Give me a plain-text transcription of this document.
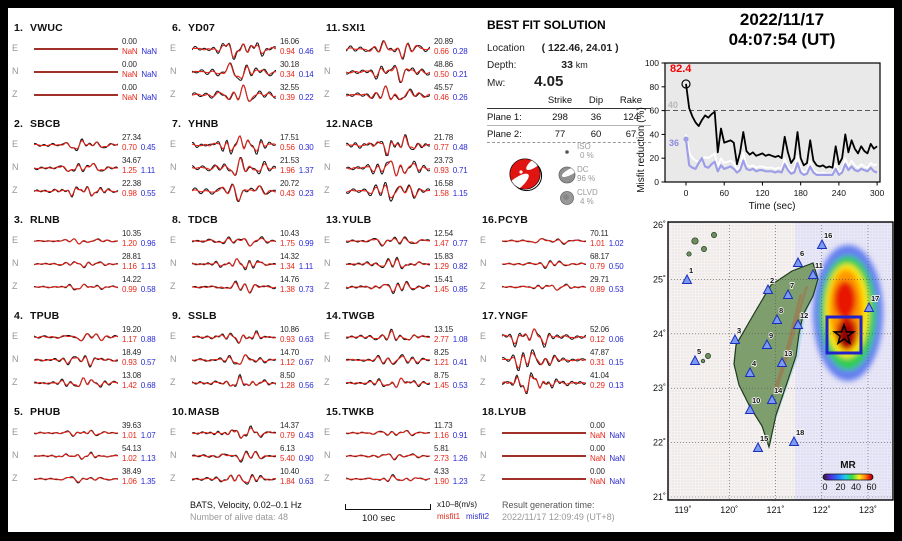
1. VWUC
E
0.00
NaN NaN
N
0.00
NaN NaN
Z
0.00
NaN NaN
2. SBCB
E
27.34
0.70 0.45
N
34.67
1.25 1.11
Z
22.38
0.98 0.55
3. RLNB
E
10.35
1.20 0.96
N
28.81
1.16 1.13
Z
14.22
0.99 0.58
4. TPUB
E
19.20
1.17 0.88
N
18.49
0.93 0.57
Z
13.08
1.42 0.68
5. PHUB
E
39.63
1.01 1.07
N
54.13
1.02 1.13
Z
38.49
1.06 1.35
6. YD07
E
16.06
0.94 0.46
N
30.18
0.34 0.14
Z
32.55
0.39 0.22
7. YHNB
E
17.51
0.56 0.30
N
21.53
1.96 1.37
Z
20.72
0.43 0.23
8. TDCB
E
10.43
1.75 0.99
N
14.32
1.34 1.11
Z
14.76
1.38 0.73
9. SSLB
E
10.86
0.93 0.63
N
14.70
1.12 0.67
Z
8.50
1.28 0.56
10.MASB
E
14.37
0.79 0.43
N
6.13
5.40 0.90
Z
10.40
1.84 0.63
11.SXI1
E
20.89
0.66 0.28
N
48.86
0.50 0.21
Z
45.57
0.46 0.26
12.NACB
E
21.78
0.77 0.48
N
23.73
0.93 0.71
Z
16.58
1.58 1.15
13.YULB
E
12.54
1.47 0.77
N
15.83
1.29 0.82
Z
15.41
1.45 0.85
14.TWGB
E
13.15
2.77 1.08
N
8.25
1.21 0.41
Z
8.75
1.45 0.53
15.TWKB
E
11.73
1.16 0.91
N
5.81
2.73 1.26
Z
4.33
1.90 1.23
16.PCYB
E
70.11
1.01 1.02
N
68.17
0.79 0.50
Z
29.71
0.89 0.53
17.YNGF
E
52.06
0.12 0.06
N
47.87
0.31 0.15
Z
41.04
0.29 0.13
18.LYUB
E
0.00
NaN NaN
N
0.00
NaN NaN
Z
0.00
NaN NaN
BEST FIT SOLUTION
Location ( 122.46, 24.01 )
Depth:	33 km
Mw: 4.05
Strike	Dip	Rake
Plane 1:	298	36	124
Plane 2:	77	60	67
ISO
0 %
DC
96 %
CLVD
4 %
2022/11/17
04:07:54 (UT)
Misfit reduction (%)
Time (sec)
0
20
40
60
80
100
0	60	120	180	240	300
82.4
40
36
MR
26˚
25˚
24˚
23˚
22˚
21˚
119˚	120˚	121˚	122˚	123˚
1
2
3
4
5
6
7
8
9
10
11
12
13
14
15
16
17
18
0 20 40 60
BATS, Velocity, 0.02–0.1 Hz
Number of alive data: 48	100 sec
x10–8(m/s)
misfit1 misfit2
Result generation time:
2022/11/17 12:09:49 (UT+8)
